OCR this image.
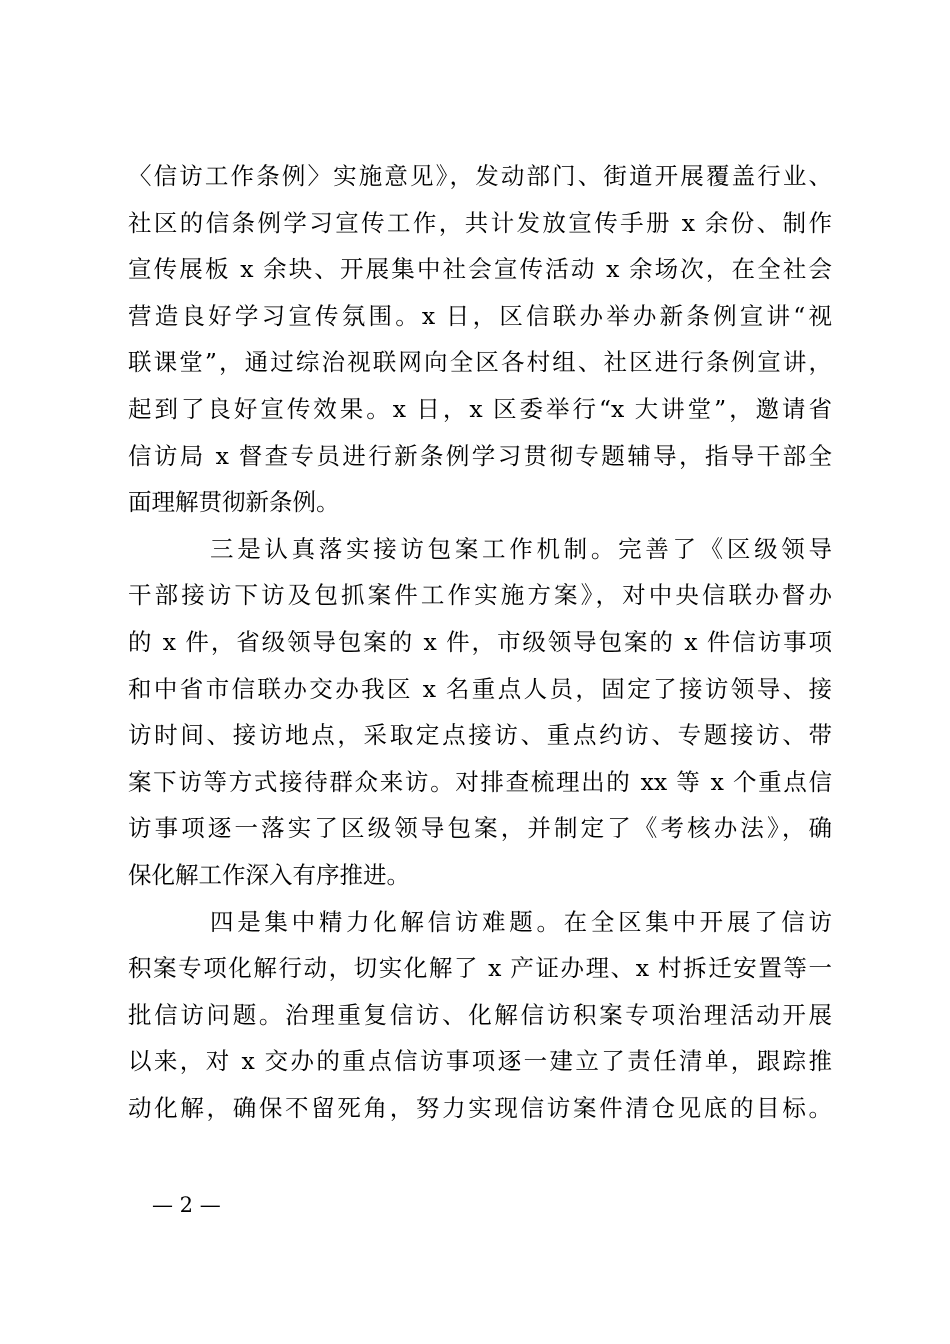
〈信访工作条例〉实施意见》，发动部门、街道开展覆盖行业、
社区的信条例学习宣传工作，共计发放宣传手册 x 余份、制作
宣传展板 x 余块、开展集中社会宣传活动 x 余场次，在全社会
营造良好学习宣传氛围。x 日，区信联办举办新条例宣讲“视
联课堂”，通过综治视联网向全区各村组、社区进行条例宣讲，
起到了良好宣传效果。x 日，x 区委举行“x 大讲堂”，邀请省
信访局 x 督查专员进行新条例学习贯彻专题辅导，指导干部全
面理解贯彻新条例。
三是认真落实接访包案工作机制。完善了《区级领导
干部接访下访及包抓案件工作实施方案》，对中央信联办督办
的 x 件，省级领导包案的 x 件，市级领导包案的 x 件信访事项
和中省市信联办交办我区 x 名重点人员，固定了接访领导、接
访时间、接访地点，采取定点接访、重点约访、专题接访、带
案下访等方式接待群众来访。对排查梳理出的 xx 等 x 个重点信
访事项逐一落实了区级领导包案，并制定了《考核办法》，确
保化解工作深入有序推进。
四是集中精力化解信访难题。在全区集中开展了信访
积案专项化解行动，切实化解了 x 产证办理、x 村拆迁安置等一
批信访问题。治理重复信访、化解信访积案专项治理活动开展
以来，对 x 交办的重点信访事项逐一建立了责任清单，跟踪推
动化解，确保不留死角，努力实现信访案件清仓见底的目标。
— 2 —
